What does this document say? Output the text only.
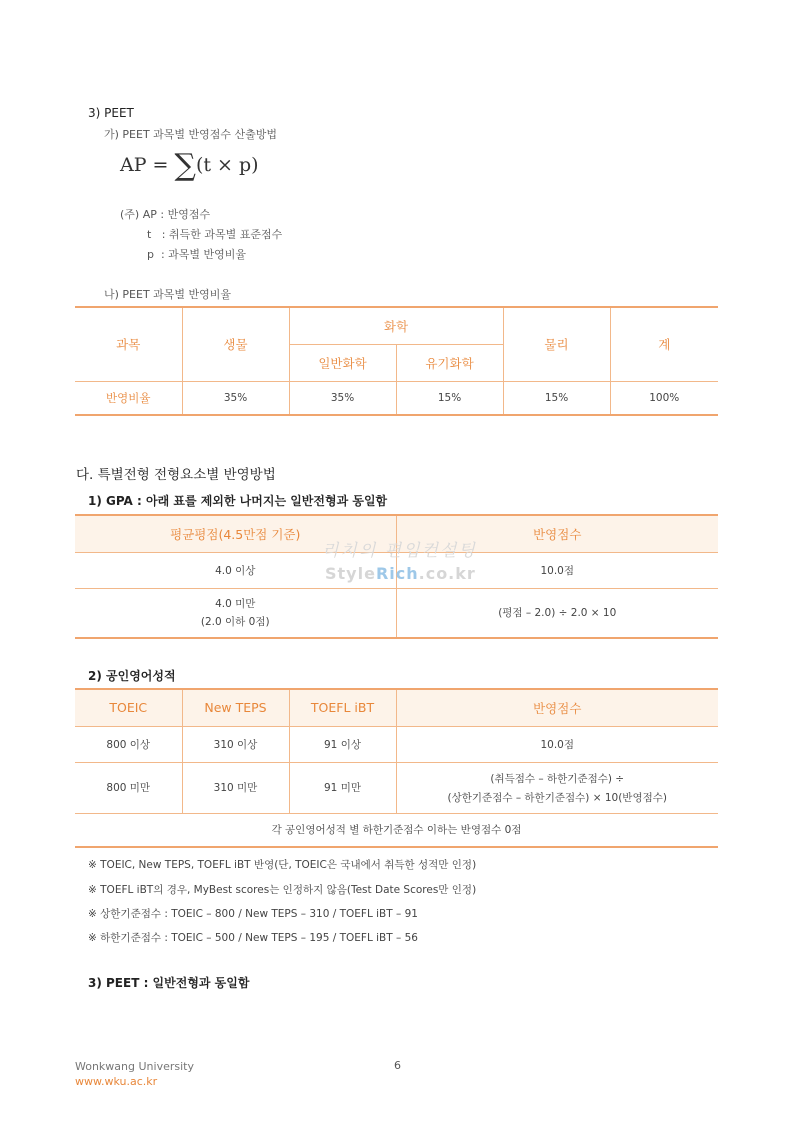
3) PEET
가) PEET 과목별 반영점수 산출방법
AP = ∑(t × p)
(주) AP : 반영점수
t   : 취득한 과목별 표준점수
p  : 과목별 반영비율
나) PEET 과목별 반영비율
과목	생물	화학		물리	계
		일반화학	유기화학		
반영비율	35%	35%	15%	15%	100%
다. 특별전형 전형요소별 반영방법
1) GPA : 아래 표를 제외한 나머지는 일반전형과 동일함
평균평점(4.5만점 기준)	반영점수
4.0 이상	10.0점

4.0 미만
(2.0 이하 0점)	(평점 – 2.0) ÷ 2.0 × 10
리치의 편입컨설팅
StyleRich.co.kr
2) 공인영어성적
TOEIC	New TEPS	TOEFL iBT	반영점수
800 이상	310 이상	91 이상	10.0점
800 미만	310 미만	91 미만	(취득점수 – 하한기준점수) ÷
(상한기준점수 – 하한기준점수) × 10(반영점수)

각 공인영어성적 별 하한기준점수 이하는 반영점수 0점			
※ TOEIC, New TEPS, TOEFL iBT 반영(단, TOEIC은 국내에서 취득한 성적만 인정)
※ TOEFL iBT의 경우, MyBest scores는 인정하지 않음(Test Date Scores만 인정)
※ 상한기준점수 : TOEIC – 800 / New TEPS – 310 / TOEFL iBT – 91
※ 하한기준점수 : TOEIC – 500 / New TEPS – 195 / TOEFL iBT – 56
3) PEET : 일반전형과 동일함
Wonkwang University
www.wku.ac.kr
6
